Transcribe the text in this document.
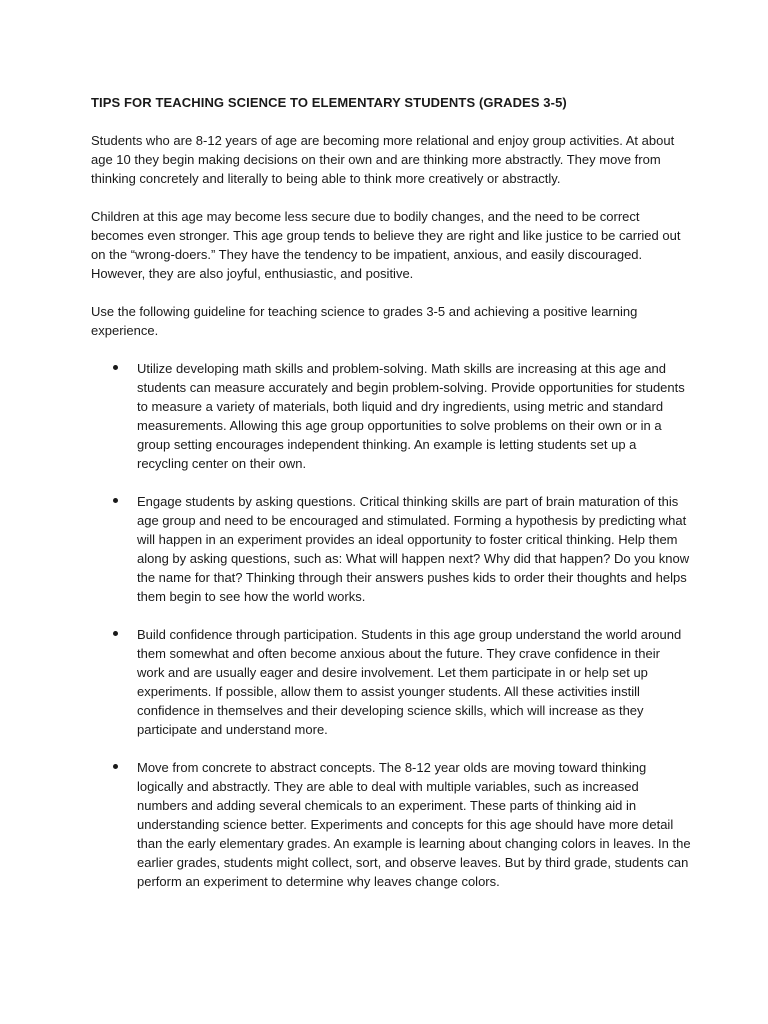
TIPS FOR TEACHING SCIENCE TO ELEMENTARY STUDENTS (GRADES 3-5)

Students who are 8-12 years of age are becoming more relational and enjoy group activities. At about age 10 they begin making decisions on their own and are thinking more abstractly. They move from thinking concretely and literally to being able to think more creatively or abstractly.

Children at this age may become less secure due to bodily changes, and the need to be correct becomes even stronger. This age group tends to believe they are right and like justice to be carried out on the “wrong-doers.” They have the tendency to be impatient, anxious, and easily discouraged. However, they are also joyful, enthusiastic, and positive.

Use the following guideline for teaching science to grades 3-5 and achieving a positive learning experience.

Utilize developing math skills and problem-solving. Math skills are increasing at this age and students can measure accurately and begin problem-solving. Provide opportunities for students to measure a variety of materials, both liquid and dry ingredients, using metric and standard measurements. Allowing this age group opportunities to solve problems on their own or in a group setting encourages independent thinking. An example is letting students set up a recycling center on their own.
Engage students by asking questions. Critical thinking skills are part of brain maturation of this age group and need to be encouraged and stimulated. Forming a hypothesis by predicting what will happen in an experiment provides an ideal opportunity to foster critical thinking. Help them along by asking questions, such as: What will happen next? Why did that happen? Do you know the name for that? Thinking through their answers pushes kids to order their thoughts and helps them begin to see how the world works.
Build confidence through participation. Students in this age group understand the world around them somewhat and often become anxious about the future. They crave confidence in their work and are usually eager and desire involvement. Let them participate in or help set up experiments. If possible, allow them to assist younger students. All these activities instill confidence in themselves and their developing science skills, which will increase as they participate and understand more.
Move from concrete to abstract concepts. The 8-12 year olds are moving toward thinking logically and abstractly. They are able to deal with multiple variables, such as increased numbers and adding several chemicals to an experiment. These parts of thinking aid in understanding science better. Experiments and concepts for this age should have more detail than the early elementary grades. An example is learning about changing colors in leaves. In the earlier grades, students might collect, sort, and observe leaves. But by third grade, students can perform an experiment to determine why leaves change colors.
